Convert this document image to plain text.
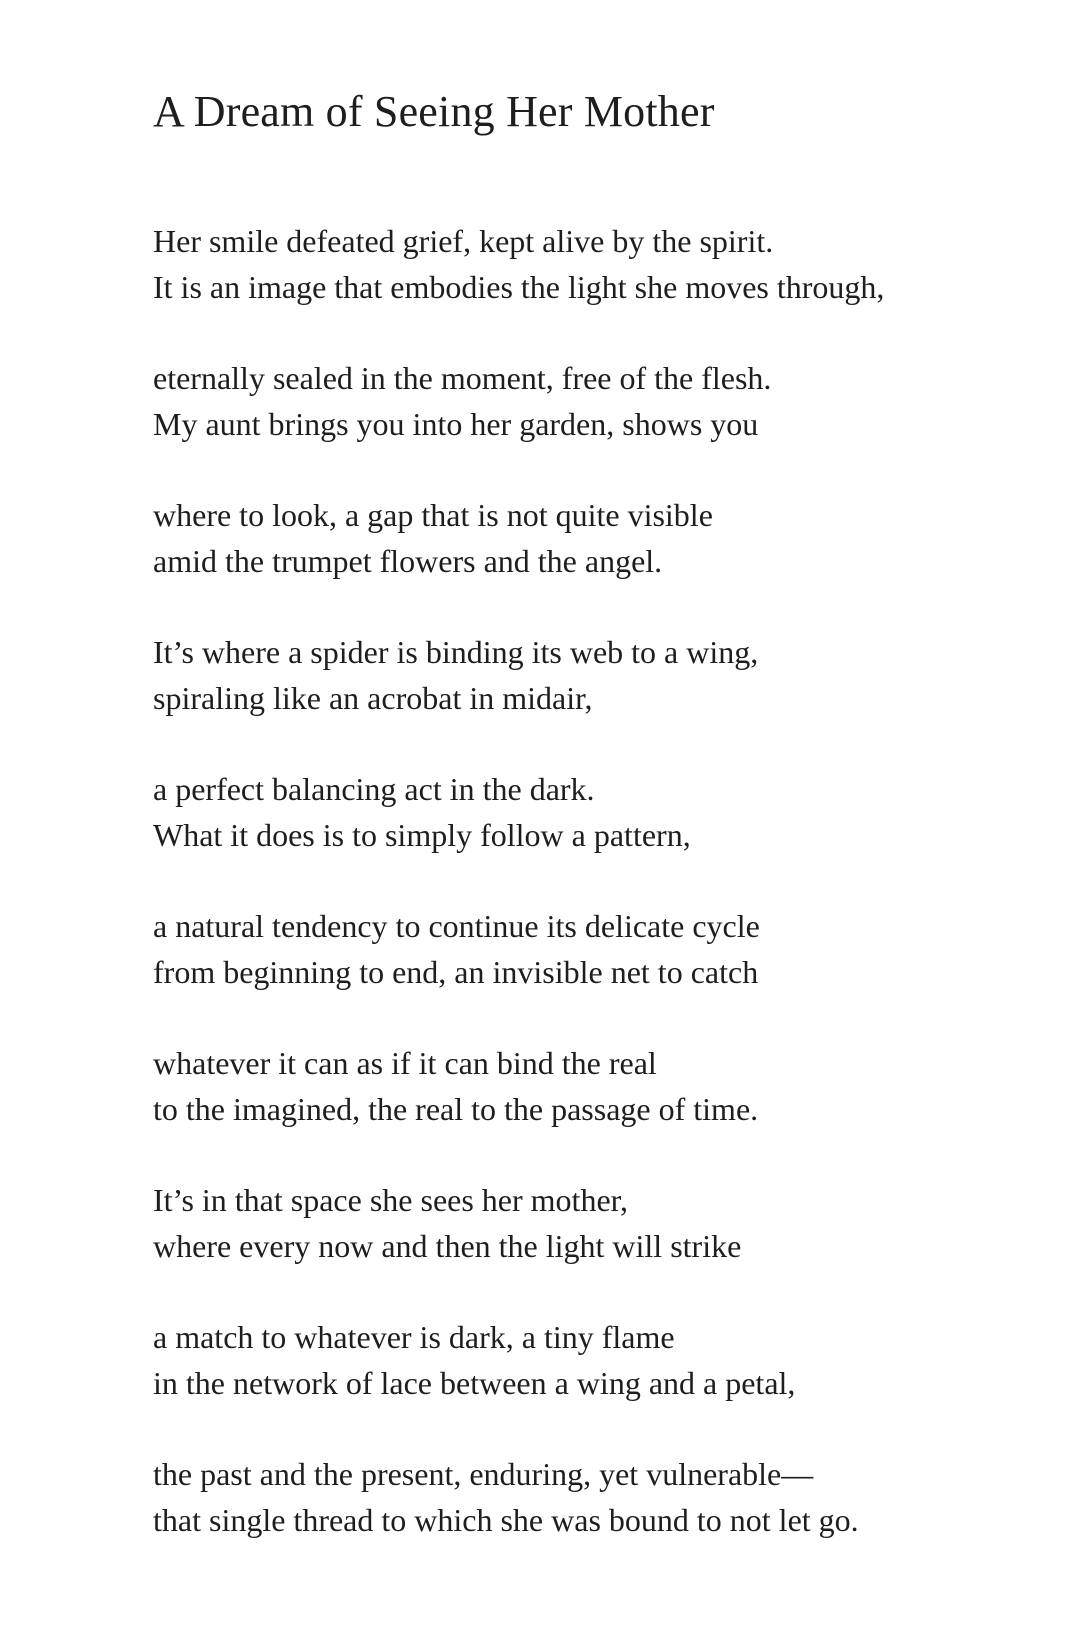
A Dream of Seeing Her Mother

Her smile defeated grief, kept alive by the spirit.
It is an image that embodies the light she moves through,

eternally sealed in the moment, free of the flesh.
My aunt brings you into her garden, shows you

where to look, a gap that is not quite visible
amid the trumpet flowers and the angel.

It’s where a spider is binding its web to a wing,
spiraling like an acrobat in midair,

a perfect balancing act in the dark.
What it does is to simply follow a pattern,

a natural tendency to continue its delicate cycle
from beginning to end, an invisible net to catch

whatever it can as if it can bind the real
to the imagined, the real to the passage of time.

It’s in that space she sees her mother,
where every now and then the light will strike

a match to whatever is dark, a tiny flame
in the network of lace between a wing and a petal,

the past and the present, enduring, yet vulnerable—
that single thread to which she was bound to not let go.
